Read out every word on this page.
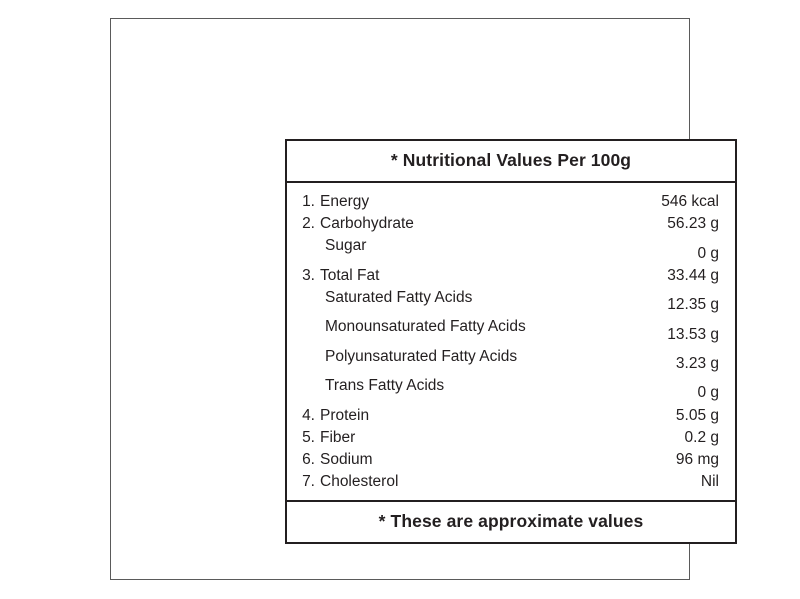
* Nutritional Values Per 100g
1. Energy	546 kcal
2. Carbohydrate	56.23 g
Sugar	0 g
3. Total Fat	33.44 g
Saturated Fatty Acids	12.35 g
Monounsaturated Fatty Acids	13.53 g
Polyunsaturated Fatty Acids	3.23 g
Trans Fatty Acids	0 g
4. Protein	5.05 g
5. Fiber	0.2 g
6. Sodium	96 mg
7. Cholesterol	Nil
* These are approximate values
